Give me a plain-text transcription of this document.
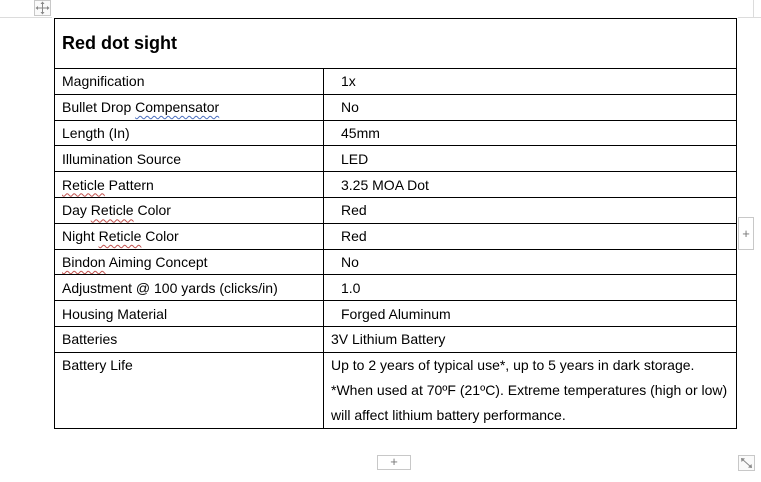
Red dot sight	
Magnification	1x
Bullet Drop Compensator	No
Length (In)	45mm
Illumination Source	LED
Reticle Pattern	3.25 MOA Dot
Day Reticle Color	Red
Night Reticle Color	Red
Bindon Aiming Concept	No
Adjustment @ 100 yards (clicks/in)	1.0
Housing Material	Forged Aluminum
Batteries	3V Lithium Battery
Battery Life	Up to 2 years of typical use*, up to 5 years in dark storage. *When used at 70ºF (21ºC). Extreme temperatures (high or low) will affect lithium battery performance.
+
+
